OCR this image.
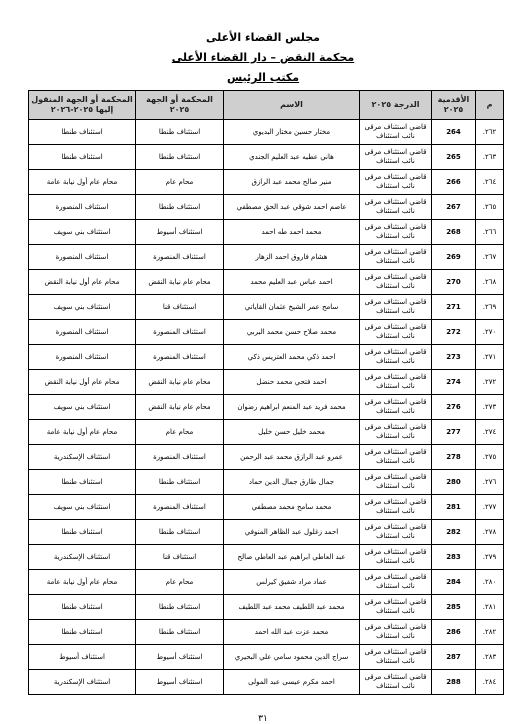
مجلس القضاء الأعلى
محكمة النقض – دار القضاء الأعلى
مكتب الرئيس
م	الأقدمية ٢٠٢٥	الدرجة ٢٠٢٥	الاسم	المحكمة أو الجهة ٢٠٢٥	المحكمة أو الجهة المنقول إليها ٢٠٢٥-٢٠٢٦
٢٦٢.	264	قاضي استئناف مرقى نائب استئناف	مختار حسين مختار البديوي	استئناف طنطا	استئناف طنطا
٢٦٣.	265	قاضي استئناف مرقى نائب استئناف	هاني عطيه عبد العليم الجندي	استئناف طنطا	استئناف طنطا
٢٦٤.	266	قاضي استئناف مرقى نائب استئناف	منير صالح محمد عبد الرازق	محام عام	محام عام أول نيابة عامة
٢٦٥.	267	قاضي استئناف مرقى نائب استئناف	عاصم احمد شوقي عبد الحق مصطفي	استئناف طنطا	استئناف المنصورة
٢٦٦.	268	قاضي استئناف مرقى نائب استئناف	محمد احمد طه احمد	استئناف أسيوط	استئناف بني سويف
٢٦٧.	269	قاضي استئناف مرقى نائب استئناف	هشام فاروق احمد الزهار	استئناف المنصورة	استئناف المنصورة
٢٦٨.	270	قاضي استئناف مرقى نائب استئناف	احمد عباس عبد العليم محمد	محام عام نيابة النقض	محام عام أول نيابة النقض
٢٦٩.	271	قاضي استئناف مرقى نائب استئناف	سامح عمر الشيخ عثمان القاياتي	استئناف قنا	استئناف بني سويف
٢٧٠.	272	قاضي استئناف مرقى نائب استئناف	محمد صلاح حسن محمد البربي	استئناف المنصورة	استئناف المنصورة
٢٧١.	273	قاضي استئناف مرقى نائب استئناف	احمد ذكي محمد العتريس ذكي	استئناف المنصورة	استئناف المنصورة
٢٧٢.	274	قاضي استئناف مرقى نائب استئناف	احمد فتحي محمد حنضل	محام عام نيابة النقض	محام عام أول نيابة النقض
٢٧٣.	276	قاضي استئناف مرقى نائب استئناف	محمد فريد عبد المنعم ابراهيم رضوان	محام عام نيابة النقض	استئناف بني سويف
٢٧٤.	277	قاضي استئناف مرقى نائب استئناف	محمد خليل حسن خليل	محام عام	محام عام أول نيابة عامة
٢٧٥.	278	قاضي استئناف مرقى نائب استئناف	عمرو عبد الرازق محمد عبد الرحمن	استئناف المنصورة	استئناف الإسكندرية
٢٧٦.	280	قاضي استئناف مرقى نائب استئناف	جمال طارق جمال الدين حماد	استئناف طنطا	استئناف طنطا
٢٧٧.	281	قاضي استئناف مرقى نائب استئناف	محمد سامح محمد مصطفي	استئناف المنصورة	استئناف بني سويف
٢٧٨.	282	قاضي استئناف مرقى نائب استئناف	احمد زغلول عبد الظاهر المنوفي	استئناف طنطا	استئناف طنطا
٢٧٩.	283	قاضي استئناف مرقى نائب استئناف	عبد العاطي ابراهيم عبد العاطي صالح	استئناف قنا	استئناف الإسكندرية
٢٨٠.	284	قاضي استئناف مرقى نائب استئناف	عماد مراد شفيق كيرلس	محام عام	محام عام أول نيابة عامة
٢٨١.	285	قاضي استئناف مرقى نائب استئناف	محمد عبد اللطيف محمد عبد اللطيف	استئناف طنطا	استئناف طنطا
٢٨٢.	286	قاضي استئناف مرقى نائب استئناف	محمد عزت عبد الله احمد	استئناف طنطا	استئناف طنطا
٢٨٣.	287	قاضي استئناف مرقى نائب استئناف	سراج الدين محمود سامي علي البحيري	استئناف أسيوط	استئناف أسيوط
٢٨٤.	288	قاضي استئناف مرقى نائب استئناف	احمد مكرم عيسى عبد المولى	استئناف أسيوط	استئناف الإسكندرية
٣١
